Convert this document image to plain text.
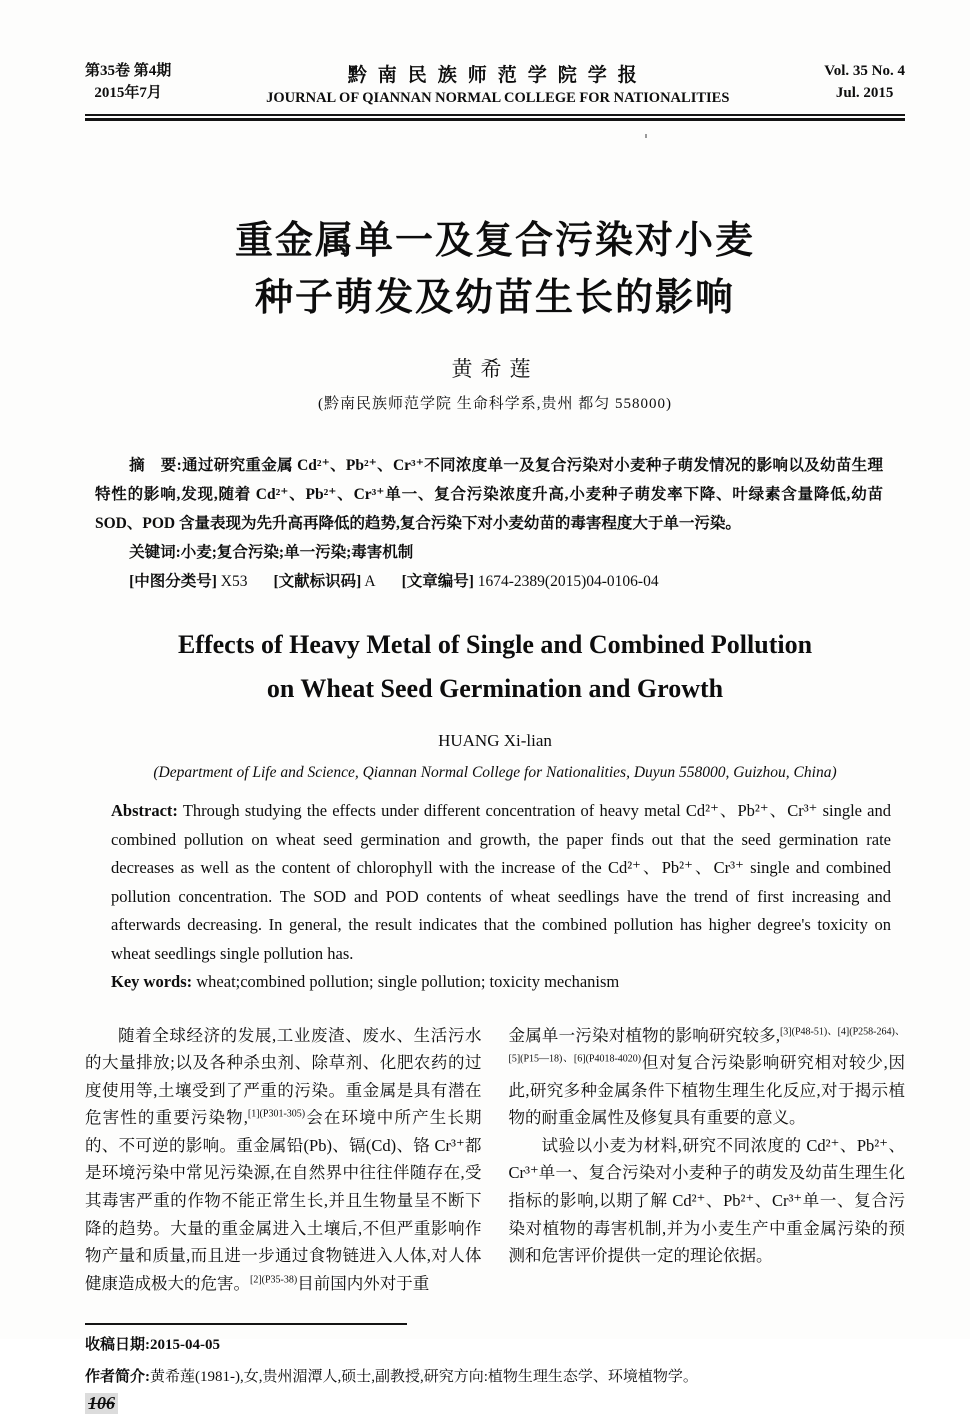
第35卷 第4期
2015年7月
黔南民族师范学院学报
JOURNAL OF QIANNAN NORMAL COLLEGE FOR NATIONALITIES
Vol. 35 No. 4
Jul. 2015
重金属单一及复合污染对小麦
种子萌发及幼苗生长的影响
黄希莲
(黔南民族师范学院 生命科学系,贵州 都匀 558000)
摘　要:通过研究重金属 Cd²⁺、Pb²⁺、Cr³⁺不同浓度单一及复合污染对小麦种子萌发情况的影响以及幼苗生理特性的影响,发现,随着 Cd²⁺、Pb²⁺、Cr³⁺单一、复合污染浓度升高,小麦种子萌发率下降、叶绿素含量降低,幼苗 SOD、POD 含量表现为先升高再降低的趋势,复合污染下对小麦幼苗的毒害程度大于单一污染。
关键词:小麦;复合污染;单一污染;毒害机制
[中图分类号] X53 [文献标识码] A [文章编号] 1674-2389(2015)04-0106-04
Effects of Heavy Metal of Single and Combined Pollution
on Wheat Seed Germination and Growth
HUANG Xi-lian
(Department of Life and Science, Qiannan Normal College for Nationalities, Duyun 558000, Guizhou, China)
Abstract: Through studying the effects under different concentration of heavy metal Cd²⁺、Pb²⁺、Cr³⁺ single and combined pollution on wheat seed germination and growth, the paper finds out that the seed germination rate decreases as well as the content of chlorophyll with the increase of the Cd²⁺、Pb²⁺、Cr³⁺ single and combined pollution concentration. The SOD and POD contents of wheat seedlings have the trend of first increasing and afterwards decreasing. In general, the result indicates that the combined pollution has higher degree's toxicity on wheat seedlings single pollution has.
Key words: wheat;combined pollution; single pollution; toxicity mechanism

随着全球经济的发展,工业废渣、废水、生活污水的大量排放;以及各种杀虫剂、除草剂、化肥农药的过度使用等,土壤受到了严重的污染。重金属是具有潜在危害性的重要污染物,$^{[1](P301-305)}$会在环境中所产生长期的、不可逆的影响。重金属铅(Pb)、镉(Cd)、铬 Cr³⁺都是环境污染中常见污染源,在自然界中往往伴随存在,受其毒害严重的作物不能正常生长,并且生物量呈不断下降的趋势。大量的重金属进入土壤后,不但严重影响作物产量和质量,而且进一步通过食物链进入人体,对人体健康造成极大的危害。$^{[2](P35-38)}$目前国内外对于重

金属单一污染对植物的影响研究较多,$^{[3](P48-51)、[4](P258-264)、[5](P15—18)、[6](P4018-4020)}$但对复合污染影响研究相对较少,因此,研究多种金属条件下植物生理生化反应,对于揭示植物的耐重金属性及修复具有重要的意义。

试验以小麦为材料,研究不同浓度的 Cd²⁺、Pb²⁺、Cr³⁺单一、复合污染对小麦种子的萌发及幼苗生理生化指标的影响,以期了解 Cd²⁺、Pb²⁺、Cr³⁺单一、复合污染对植物的毒害机制,并为小麦生产中重金属污染的预测和危害评价提供一定的理论依据。

收稿日期:2015-04-05
作者简介:黄希莲(1981-),女,贵州湄潭人,硕士,副教授,研究方向:植物生理生态学、环境植物学。
106
